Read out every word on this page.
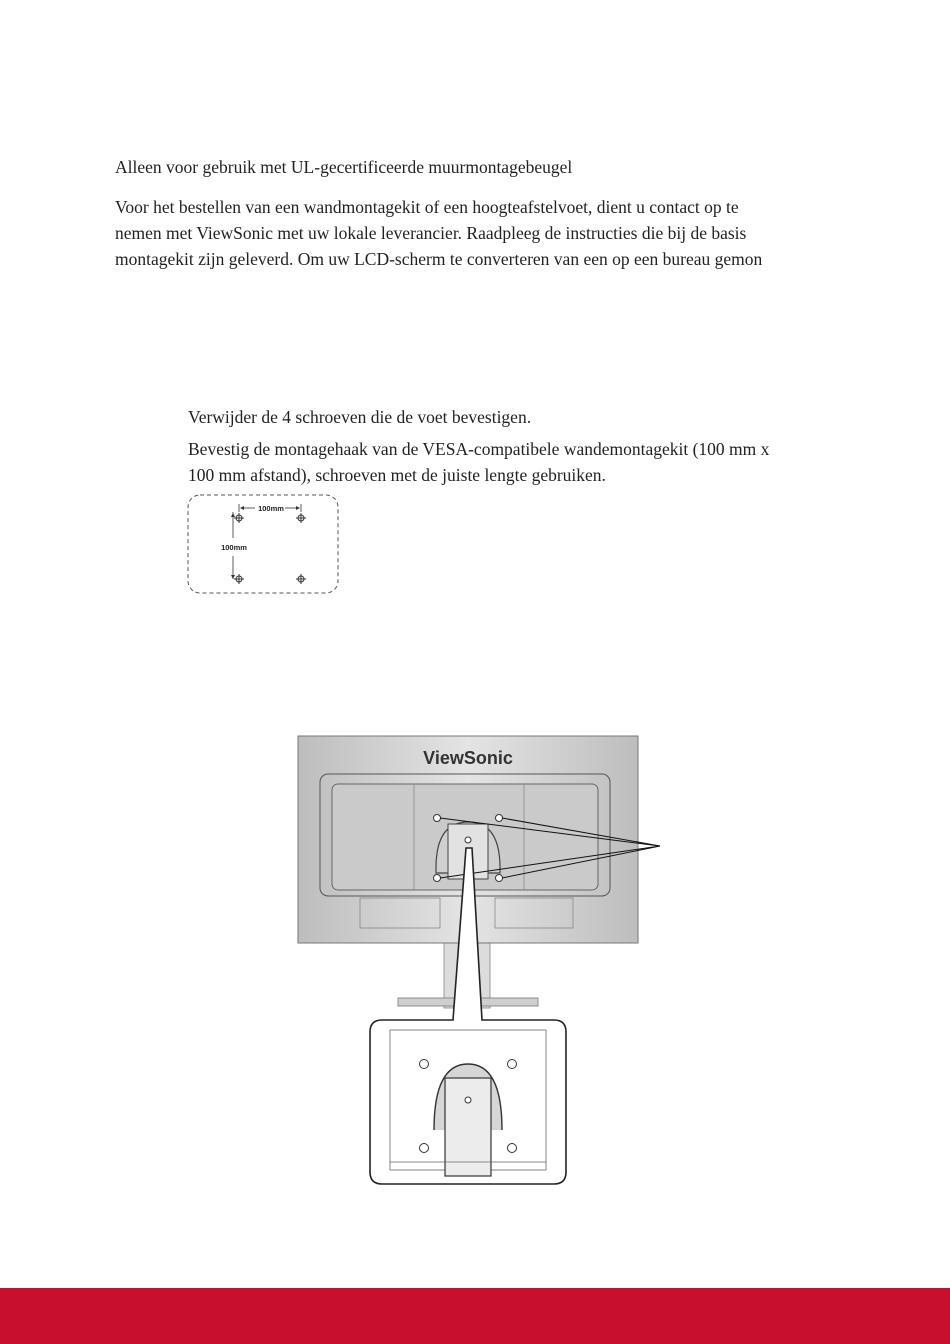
Alleen voor gebruik met UL-gecertificeerde muurmontagebeugel
Voor het bestellen van een wandmontagekit of een hoogteafstelvoet, dient u contact op te
nemen met ViewSonic met uw lokale leverancier. Raadpleeg de instructies die bij de basis
montagekit zijn geleverd. Om uw LCD-scherm te converteren van een op een bureau gemon
Verwijder de 4 schroeven die de voet bevestigen.
Bevestig de montagehaak van de VESA-compatibele wandemontagekit (100 mm x
100 mm afstand), schroeven met de juiste lengte gebruiken.
100mm
100mm
ViewSonic
